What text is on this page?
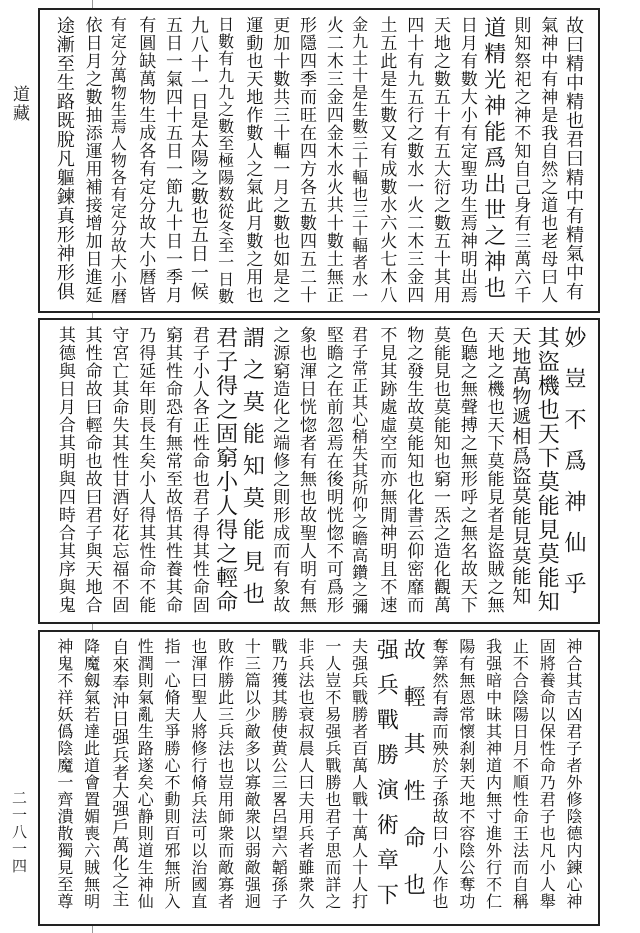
道藏
二一八一四
故曰精中精也君曰精中有精氣中有
氣神中有神是我自然之道也老母曰人
則知祭祀之神不知自己身有三萬六千
道精光神能爲出世之神也
日月有數大小有定聖功生焉神明出焉
天地之數五十有五大衍之數五十其用
四十有九五行之數水一火二木三金四
土五此是生數又有成數水六火七木八
金九土十是生數三十輻也三十輻者水一
火二木三金四金木水火共十數土無正
形隱四季而旺在四方各五數四五二十
更加十數共三十輻一月之數也如是之
運動也天地作數人之氣此月數之用也
日數有九九之數至極陽数從冬至一日數
九八十一日是太陽之數也五日一候
五日一氣四十五日一節九十日一季月
有圓缺萬物生成各有定分故大小曆皆
有定分萬物生焉人物各有定分故大小曆
依日月之數抽添運用補接增加日進延
途漸至生路既脫凡軀鍊真形神形俱
妙豈不爲神仙乎
其盜機也天下莫能見莫能知
天地萬物遞相爲盜莫能見莫能知
天地之機也天下莫能見者是盜賊之無
色聽之無聲搏之無形呼之無名故天下
莫能見也莫能知也窮一炁之造化觀萬
物之發生故莫能知也化書云仰密靡而
不見其跡處虛空而亦無閒神明且不速
君子常正其心稍失其所仰之瞻高鑽之彌
堅瞻之在前忽焉在後明恍惚不可爲形
象也渾日恍惚者有無也故聖人明有無
之源窮造化之端修之則形成而有象故
謂之莫能知莫能見也
君子得之固窮小人得之輕命
君子小人各正性命也君子得其性命固
窮其性命恐有無常至故悟其性養其命
乃得延年則長生矣小人得其性命不能
守宮亡其命失其性甘酒好花忘福不固
其性命故曰輕命也故曰君子與天地合
其德與日月合其明與四時合其序與鬼
神合其吉凶君子者外修陰德内鍊心神
固將養命以保性命乃君子也凡小人舉
止不合陰陽日月不順性命王法而自稱
我强暗中昧其神道内無寸進外行不仁
陽有無恩常懷刹剝天地不容陰公奪功
奪筭然有壽而殃於子孫故曰小人作也
故輕其性命也
强兵戰勝演術章下
夫强兵戰勝者百萬人戰十萬人十人打
一人豈不易强兵戰勝也君子思而詳之
非兵法也衰叔晨人曰夫用兵者雖衆久
戰乃獲其勝使黄公三畧呂望六韜孫子
十三篇以少敵多以寡敵衆以弱敵强迥
敗作勝此三兵法也豈用師衆而敵寡者
也渾曰聖人將修行脩兵法可以治國直
指一心脩夫爭勝心不動則百邪無所入
性潤則氣亂生路遂矣心静則道生神仙
自來奉沖日强兵者大强戶萬化之主
降魔劔氣若達此道會置媚喪六賊無明
神鬼不祥妖僞陰魔一齊潰散獨見至尊
